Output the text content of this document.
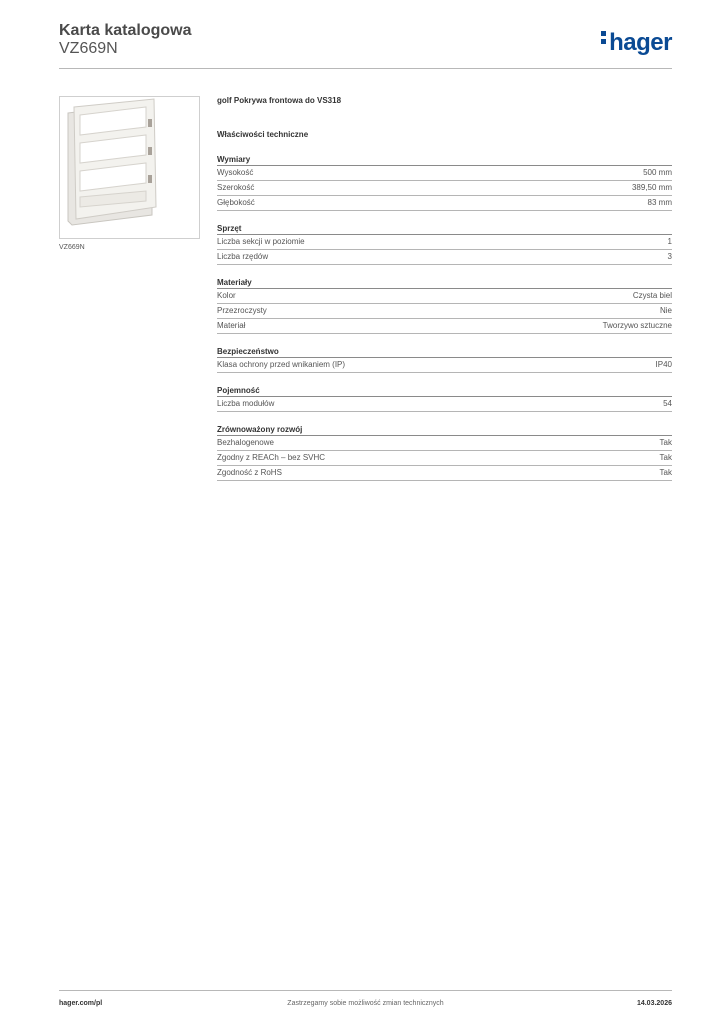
Karta katalogowa
VZ669N	hager
VZ669N
golf Pokrywa frontowa do VS318
Właściwości techniczne
Wymiary
Wysokość	500 mm
Szerokość	389,50 mm
Głębokość	83 mm
Sprzęt
Liczba sekcji w poziomie	1
Liczba rzędów	3
Materiały
Kolor	Czysta biel
Przezroczysty	Nie
Materiał	Tworzywo sztuczne
Bezpieczeństwo
Klasa ochrony przed wnikaniem (IP)	IP40
Pojemność
Liczba modułów	54
Zrównoważony rozwój
Bezhalogenowe	Tak
Zgodny z REACh – bez SVHC	Tak
Zgodność z RoHS	Tak
hager.com/pl	Zastrzegamy sobie możliwość zmian technicznych	14.03.2026
